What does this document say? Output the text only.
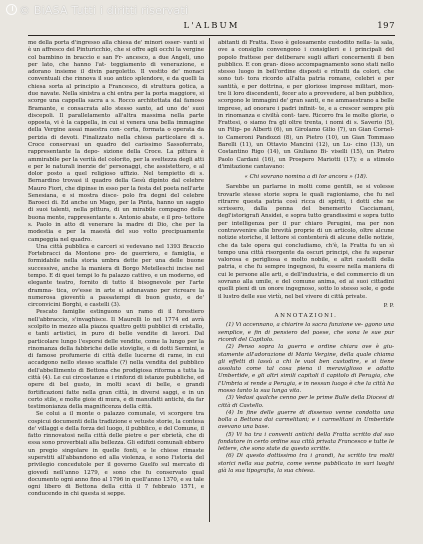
© BiASA Tutti i diritti riservati
L'ALBUM	197

me della porta d'ingresso alla chiesa de' minori osser- vanti si è un affresco del Pinturicchio, che si offre agli occhi la vergine col bambino in braccio e san Fr- ancesco, a due Angeli, uno per lato, che hanno l'at- teggiamento di venerazione, e adorano insieme il divin pargoletto. Il vestito de' monaci conventuali che rinnova il suo antico splendore, e da quelli la chiesa sorta al principio a Francesco, di struttura gotica, a due navate. Nella sinistra a chi entra per la porta maggiore, si scorge una cappella sacra a s. Rocco architettata dal famoso Bramante, e consacrata allo stesso santo, ad uno de' suoi discepoli. Il parallelamento all'altra massima nella parte opposta, vi è la cappella, in cui si venera una bella immagine della Vergine assai maestra con- certa, formata o operata da perizia di devoti. Finalizzato nella chiesa particolare di s. Croce conservasi un quadro del carissimo Sassoferrato, rappresentante la depo- sizione della Croce. La pittura è ammirabile per la verità del colorito, per la sveltezza degli atti e per le naturali inerzie de' personaggi, che assistettero, e al dolor posto a quel religioso uffizio. Nel tempietto di s. Bernardino trovasi il quadro della Gesù dipinto dal celebre Mauro Fiori, che dipinse in esso per la festa del poeta nell'arte Senesiana, e si mostra disce- polo fra degni del celebre Baroeci di. Ed anche un Mago, per la Pinta, hanno un saggio di suoi talenti, nella pittura, di un mirabile compagno della buona mente, rappresentante s. Antonio abate, e il pro- tettore s. Paolo in atto di venerare la madre di Dio, che per la modestia e per la maestà del suo volto precipuamente campeggia nel quadro.

Una città pubblica e carceri si vedevano nel 1393 Braccio Fortebracci da Montone pro- de guerriero, e famiglia, e formidabile nella storia umbra dette per una delle buone successive, anche la maniera di Borgo Metelleschi incise nel tempo. E di quei tempi lo fu palazzo cattivo, e un moderno, ed elegante teatro, fornito di tutto il bisognevole per l'arte dramma- tica, ov'esse in arte si adunavano per ricreare la numerosa gioventù a passatempi di buon gusto, e de' circonvicini Borghi, e castelli (3).

Pescato famiglie estinguono un ramo di il forestiero nell'abbraccio, s'invaghisce. Il Maurelli lo nel 1774 ed avrà scolpito in mezzo alla piazza quattro getti pubblici di cristallo, e tanti artistici, in puro di belle vendite di lavori. Dal particolare lungo l'esporsi delle vendite, come la lungo per la rinomanza della fabbriche delle stoviglie, e di dotti Sermini, e di famose profumerie di città delle lucerne di rame, in cui accadgono nello stesso scaffale (?) nella vendita del pubblico dell'abbellimento di Bettona che prodigiosa riforma a tutta la città (4). Le cui circostanze e i rinforzi di istanze pubbliche, ed opere di bel gusto, in molti scavi di belle, e grandi fortificazioni fatte nella gran città, in diversi saggi, e in un certo stile, e molte gioie di mura, e di manufatti antichi, da far testimonianza della magnificenza della città.

Se colui a il monte o palazzo comunale, vi scorgere tra cospicui documenti della tradizione e vetuste storie, la contesa de' villaggi e della forza del luogo, il pubblico, e del Comune, il fatto rinnovatosi nella città delle pietre e per ebrietà, che di essa sono proverbiali alla bellezza. Gli edifizii comunali ebbero un pregio singolare in quelle fonti, e le chiese rimaste superstiti all'abbandono ed alla violenza, e sono l'istoria del privilegio concedutole per il governo Guelfo sul mercato di giovedì nell'anno 1279, e sono che fu conservato qual documento ogni anno fino al 1796 in quell'anno 1370, e su tale ogni libero di Bettona della città il 7 febbraio 1571, e conducendo in chi questa si seppe.

abitanti di Fratta. Esso è gelosamente custodito nella- la sala, ove a consiglio convengono i consiglieri e i principali del popolo frattese per deliberare sugli affari concernenti il ben pubblico. E con gran- dioso accompagnamento sono stati nello stesso luogo in bell'ordine disposti e ritratti da colori, che sono tut- tora ricordo all'alta patria romane, celebri e per santità, e per dottrina, e per gloriose imprese militari, mon- tre li loro discendenti, fecer ato a provvedere, al ben pubblico, scorgono le immagini de' gran santi, e ne ammaestrano a belle imprese, ad onorare i padri infinit- te, e a crescer sempre più in rinomanza e civiltà cont- tare. Ricorro fra le molte glorie, o Frattesi, o siamo fra gli oltre trenta, i nomi di s. Saverio (5), un Filip- pe Alberti (6), un Girolamo Gilio (7), un Gian Cornel- io Cameroni Pandozzi (8), un Pietro (10), un Gian Tommaso Barelli (11), un Ottavio Mancini (12), un Lu- cino (13), un Costantino Rigo (14), un Giuliano Bi- viselli (15), un Pietro Paolo Cardani (16), un Prospero Mariotti (17); e a stimolo d'imitazione cantavano:

« Chi sovrano nomina a di lor ancora » (18).

Sarebbe un parlarne in molti come gentili, se si volesse trovarle stesse storie sopra le quali ragioniamo, che fu nel ritrarre questa patria così ricca di spiriti, i dotti che ne scrissero, dalla penna del benemerito Cacciamani, degl'istorigrafi Ansidei, e sopra tutto grandissimi e sopra tutto per intelligenza per il pur chiaro Perugini, ma per non contravvenire alle brevità proprie di un articolo, oltre alcune notizie storiche, il lettore si contenterà di alcune delle notizie, che da tale opera qui concludiamo, ch'è, la Fratta fu un sì tempo una città risorgente da oscuri principi, che fu superar valorosa e perigliosa e molto nobile, e altri castelli della patria, e che fu sempre ingegnosi, fu essere nella maniera di cui le persone alle arti, e dell'industria, e del commercio di un sovrano alla umile, e del comune anima, ed ai suoi cittadini quelli pieni di un onore ingegnoso, sotto lo stesso sole, e gode il lustro delle sue virtù, nel bel vivere di città private.

P. P.

ANNOTAZIONI.

(1) Vi accennano, a chiarire la sacra funzione ve- ggono una semplice, e fin di pensiero del paese, che sona le sue pur ricordi del Capitolo.

(2) Penso sopra la guerra e ordine chiara ove è giu- stamente all'adorazione di Maria Vergine, della quale chiama gli effetti di lassù a chi le vuol ben custodire, e si tiene assoluto come tal cosa piena il meraviglioso e adatto Umbertide, e gli altri simili capitoli il capitolo di Perugia, che l'Umbria si rende a Perugia, e in nessun luogo è che la città ha mosso tanto la sua lunga vita.

(3) Vedasi qualche cenno per le prime Bulle della Diocesi di città di Castello.

(4) In fine delle guerre di dissenso venne condotto una bolla a Bettona dai carmelitani; e i carmelitani in Umbertide avevano una base.

(5) Vi ha tra i conventi antichi della Fratta scritto dal suo fondatore in certo ordine sua città privata Francesco e tutte le lettere, che sono state da questo scritte.

(6) Di questo dottissimo tra i grandi, ha scritto tra molti storici nella sua patria, come venne pubblicato in vari luoghi già la sua tipografia, la sua chiesa.
